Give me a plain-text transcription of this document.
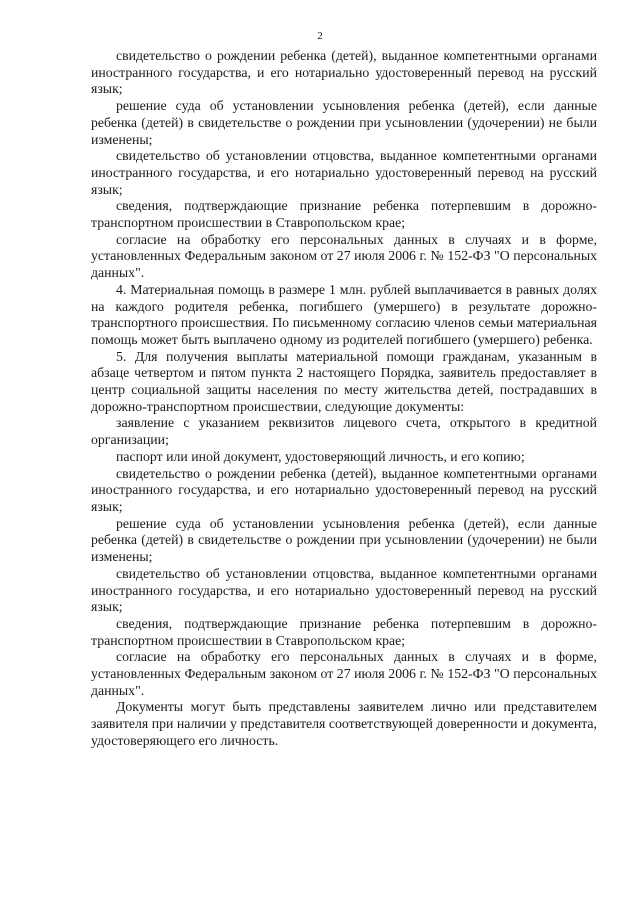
2

свидетельство о рождении ребенка (детей), выданное компетентными органами иностранного государства, и его нотариально удостоверенный перевод на русский язык;

решение суда об установлении усыновления ребенка (детей), если данные ребенка (детей) в свидетельстве о рождении при усыновлении (удочерении) не были изменены;

свидетельство об установлении отцовства, выданное компетентными органами иностранного государства, и его нотариально удостоверенный перевод на русский язык;

сведения, подтверждающие признание ребенка потерпевшим в дорожно-транспортном происшествии в Ставропольском крае;

согласие на обработку его персональных данных в случаях и в форме, установленных Федеральным законом от 27 июля 2006 г. № 152-ФЗ "О персональных данных".

4. Материальная помощь в размере 1 млн. рублей выплачивается в равных долях на каждого родителя ребенка, погибшего (умершего) в результате дорожно-транспортного происшествия. По письменному согласию членов семьи материальная помощь может быть выплачено одному из родителей погибшего (умершего) ребенка.

5. Для получения выплаты материальной помощи гражданам, указанным в абзаце четвертом и пятом пункта 2 настоящего Порядка, заявитель предоставляет в центр социальной защиты населения по месту жительства детей, пострадавших в дорожно-транспортном происшествии, следующие документы:

заявление с указанием реквизитов лицевого счета, открытого в кредитной организации;

паспорт или иной документ, удостоверяющий личность, и его копию;

свидетельство о рождении ребенка (детей), выданное компетентными органами иностранного государства, и его нотариально удостоверенный перевод на русский язык;

решение суда об установлении усыновления ребенка (детей), если данные ребенка (детей) в свидетельстве о рождении при усыновлении (удочерении) не были изменены;

свидетельство об установлении отцовства, выданное компетентными органами иностранного государства, и его нотариально удостоверенный перевод на русский язык;

сведения, подтверждающие признание ребенка потерпевшим в дорожно-транспортном происшествии в Ставропольском крае;

согласие на обработку его персональных данных в случаях и в форме, установленных Федеральным законом от 27 июля 2006 г. № 152-ФЗ "О персональных данных".

Документы могут быть представлены заявителем лично или представителем заявителя при наличии у представителя соответствующей доверенности и документа, удостоверяющего его личность.
